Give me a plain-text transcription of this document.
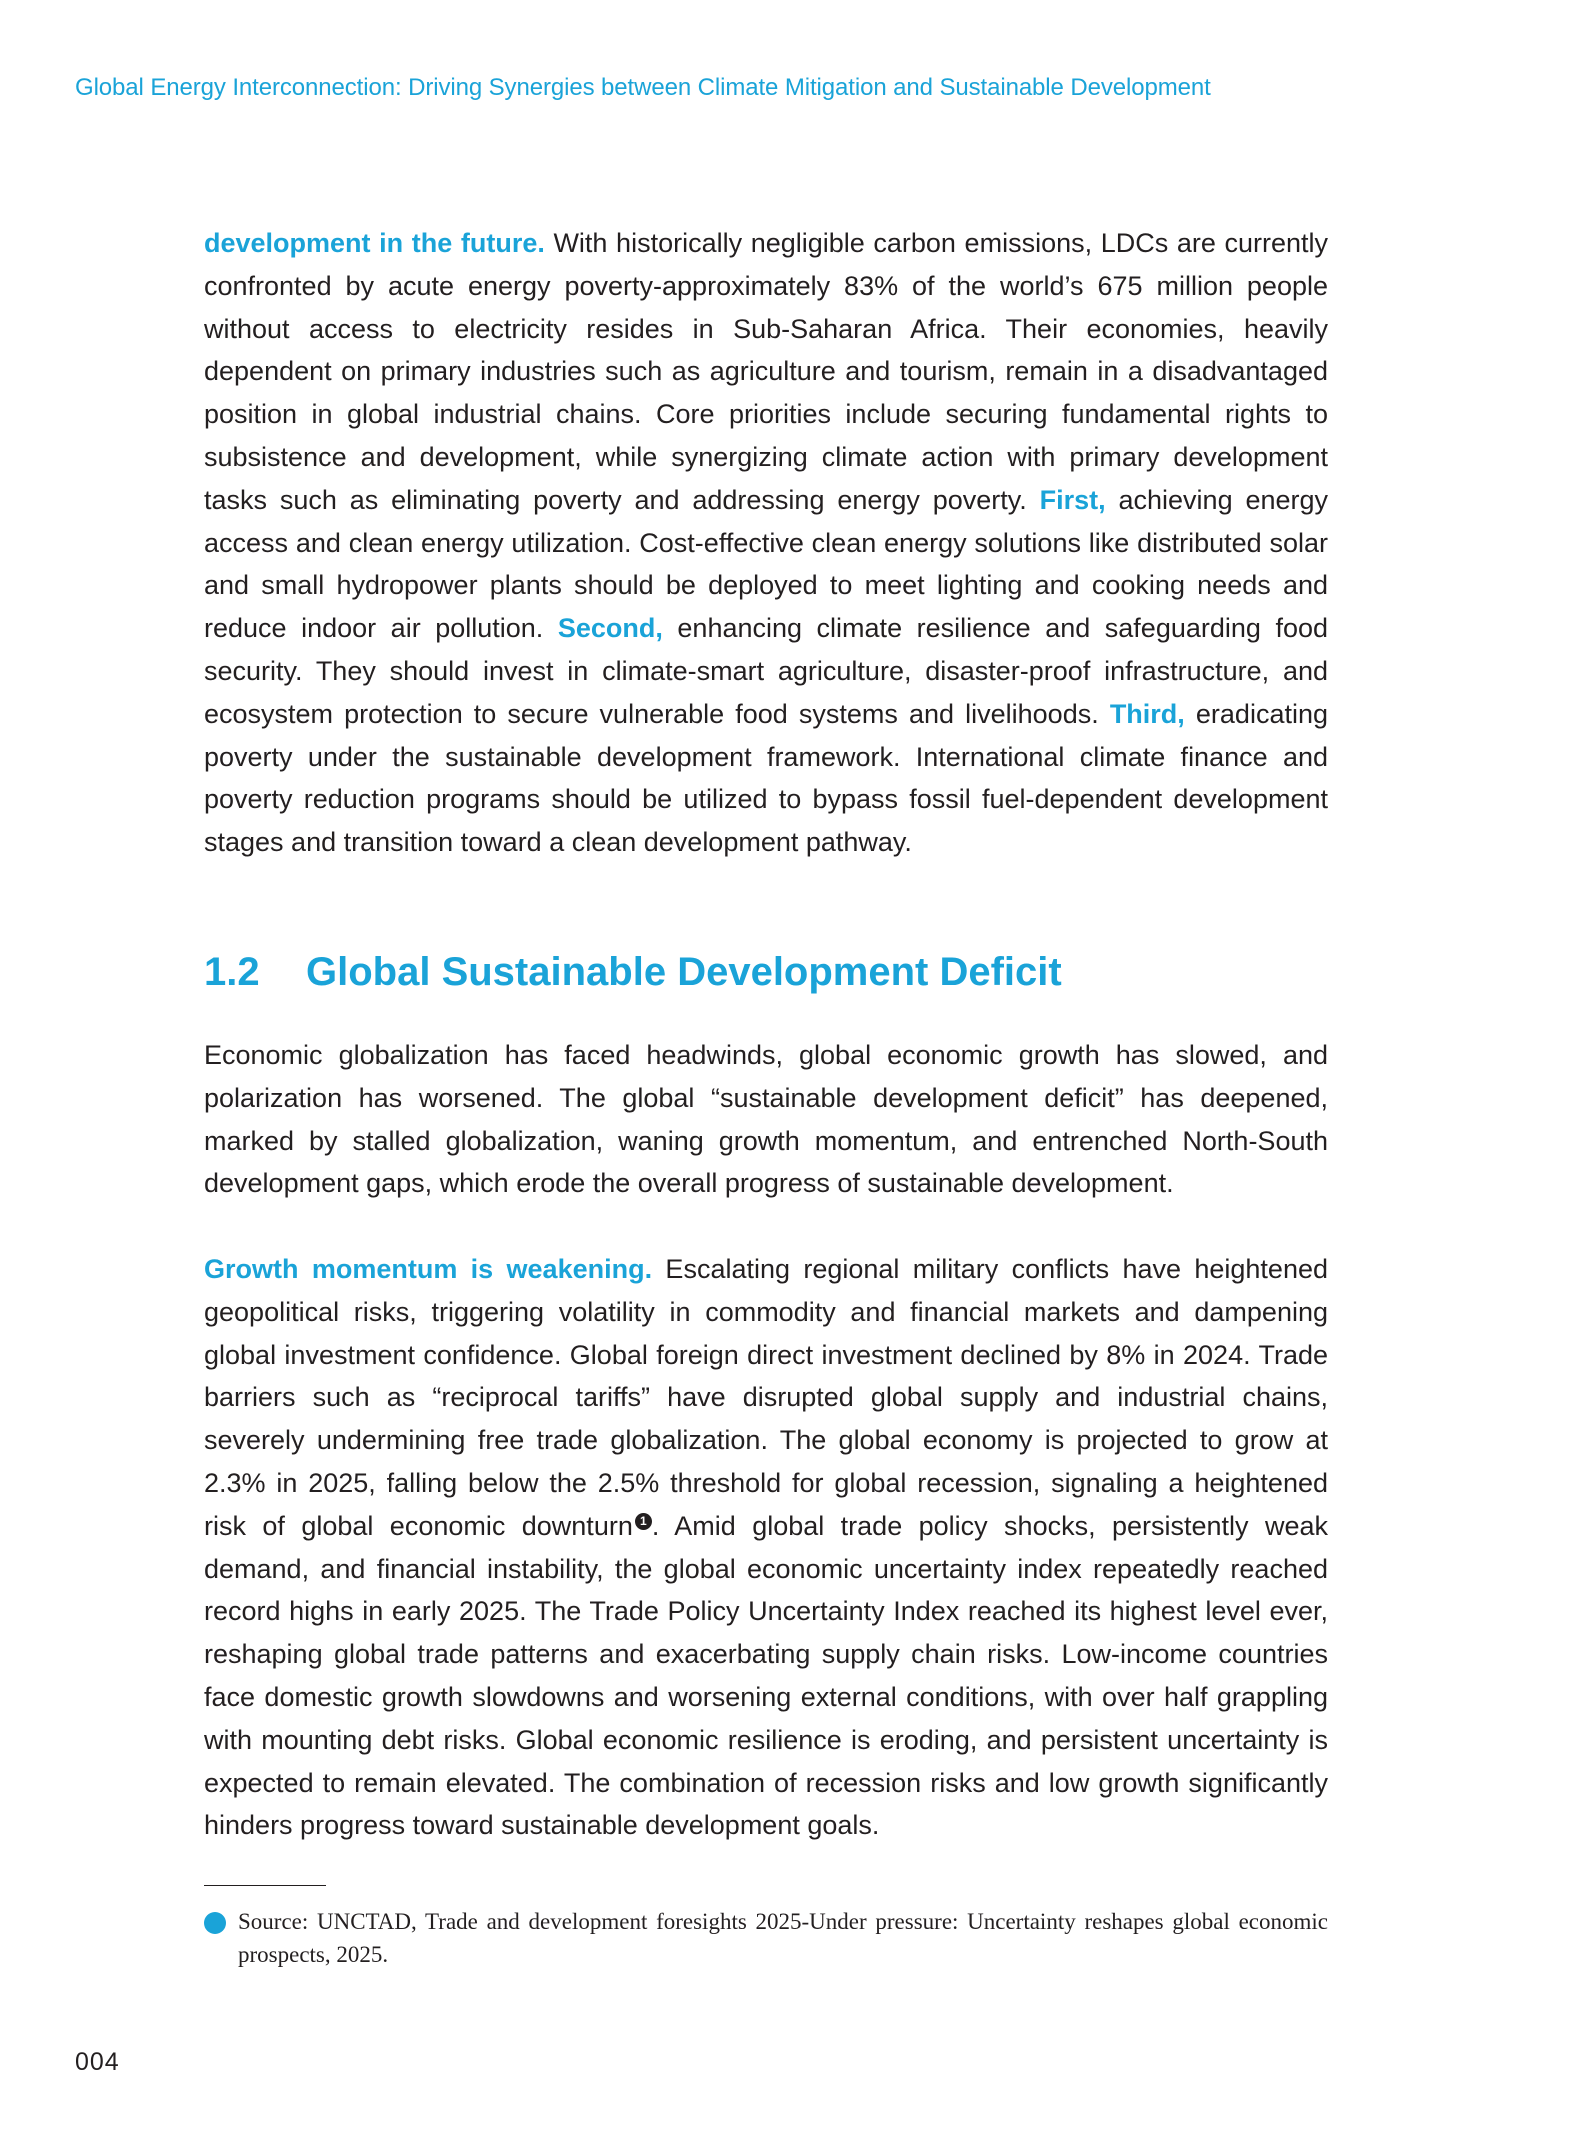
Global Energy Interconnection: Driving Synergies between Climate Mitigation and Sustainable Development

development in the future. With historically negligible carbon emissions, LDCs are currently confronted by acute energy poverty-approximately 83% of the world’s 675 million people without access to electricity resides in Sub-Saharan Africa. Their economies, heavily dependent on primary industries such as agriculture and tourism, remain in a disadvantaged position in global industrial chains. Core priorities include securing fundamental rights to subsistence and development, while synergizing climate action with primary development tasks such as eliminating poverty and addressing energy poverty. First, achieving energy access and clean energy utilization. Cost-effective clean energy solutions like distributed solar and small hydropower plants should be deployed to meet lighting and cooking needs and reduce indoor air pollution. Second, enhancing climate resilience and safeguarding food security. They should invest in climate-smart agriculture, disaster-proof infrastructure, and ecosystem protection to secure vulnerable food systems and livelihoods. Third, eradicating poverty under the sustainable development framework. International climate finance and poverty reduction programs should be utilized to bypass fossil fuel-dependent development stages and transition toward a clean development pathway.

1.2 Global Sustainable Development Deficit

Economic globalization has faced headwinds, global economic growth has slowed, and polarization has worsened. The global “sustainable development deficit” has deepened, marked by stalled globalization, waning growth momentum, and entrenched North-South development gaps, which erode the overall progress of sustainable development.

Growth momentum is weakening. Escalating regional military conflicts have heightened geopolitical risks, triggering volatility in commodity and financial markets and dampening global investment confidence. Global foreign direct investment declined by 8% in 2024. Trade barriers such as “reciprocal tariffs” have disrupted global supply and industrial chains, severely undermining free trade globalization. The global economy is projected to grow at 2.3% in 2025, falling below the 2.5% threshold for global recession, signaling a heightened risk of global economic downturn $^1$ . Amid global trade policy shocks, persistently weak demand, and financial instability, the global economic uncertainty index repeatedly reached record highs in early 2025. The Trade Policy Uncertainty Index reached its highest level ever, reshaping global trade patterns and exacerbating supply chain risks. Low-income countries face domestic growth slowdowns and worsening external conditions, with over half grappling with mounting debt risks. Global economic resilience is eroding, and persistent uncertainty is expected to remain elevated. The combination of recession risks and low growth significantly hinders progress toward sustainable development goals.

1 Source: UNCTAD, Trade and development foresights 2025-Under pressure: Uncertainty reshapes global economic prospects, 2025.
004
